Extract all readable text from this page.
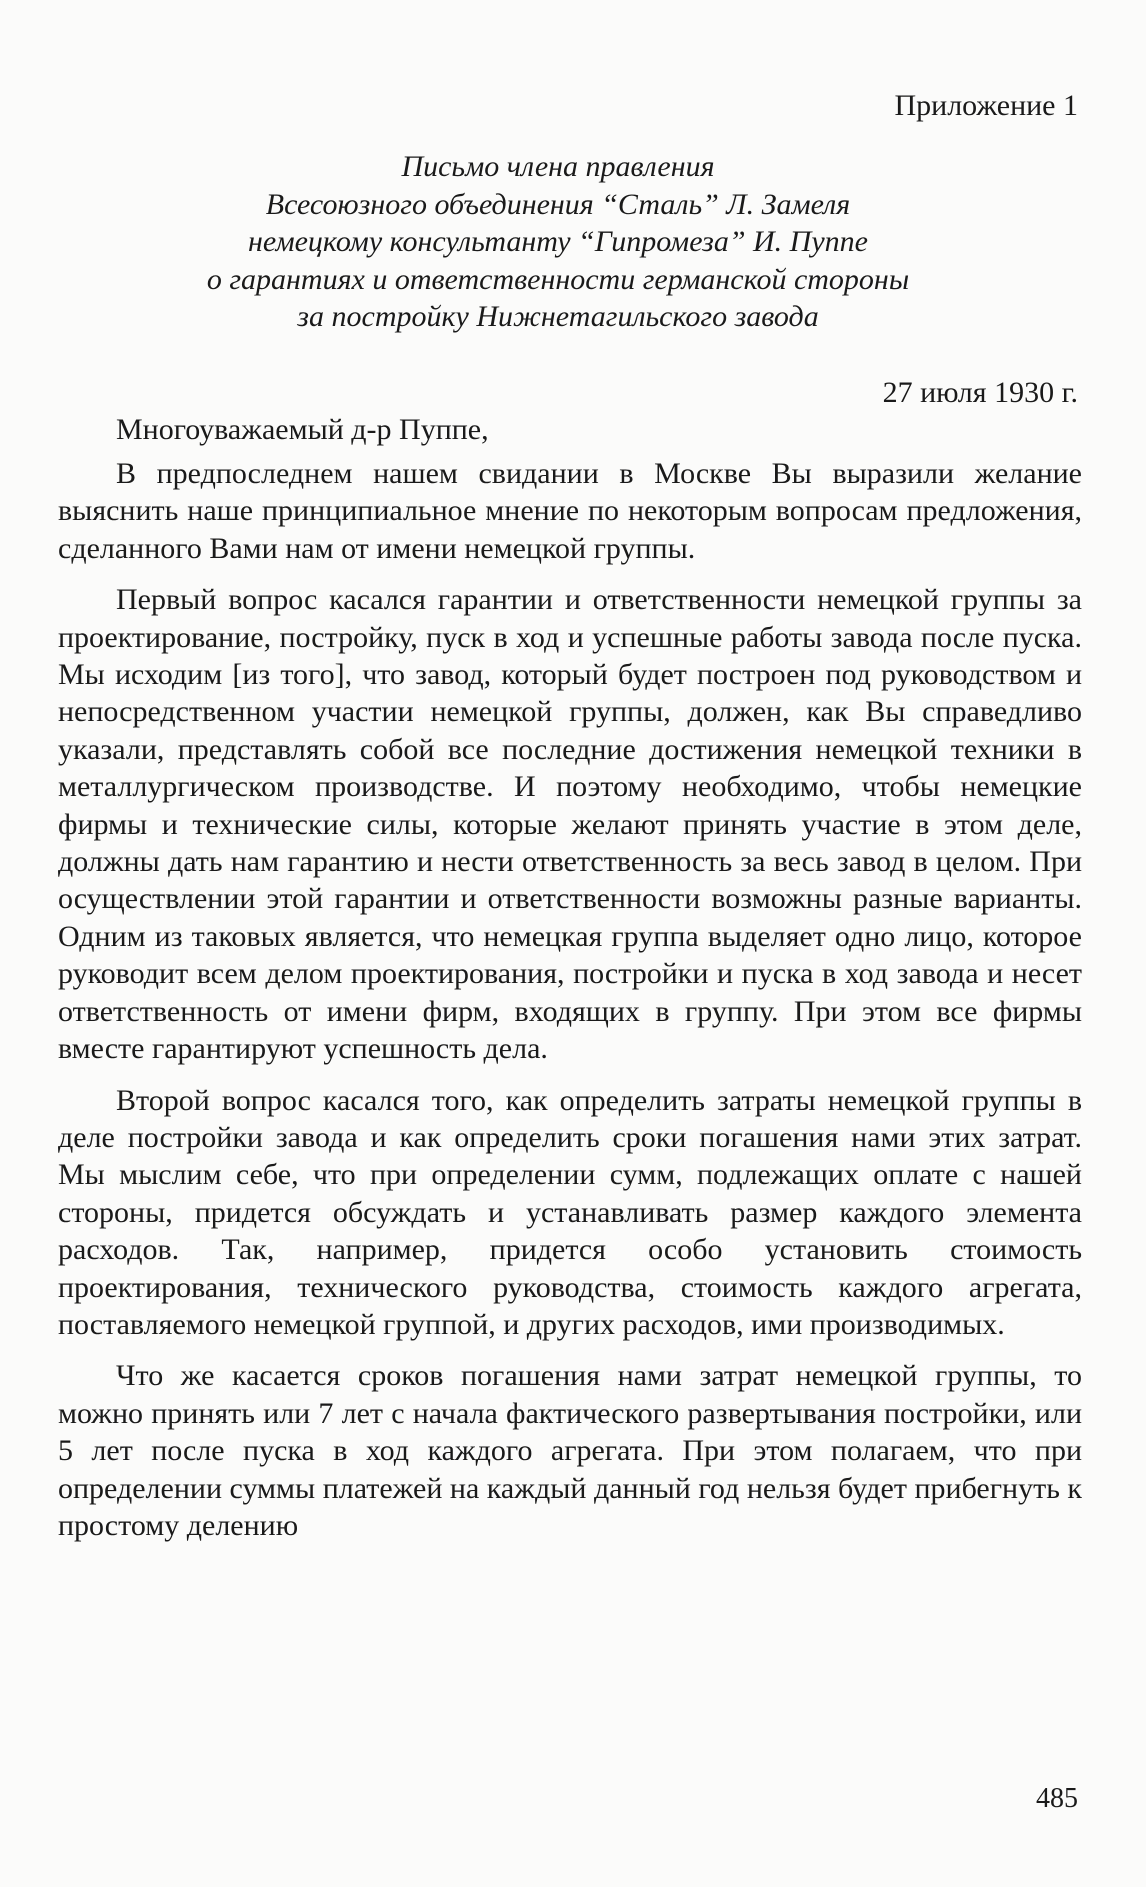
Приложение 1

Письмо члена правления
Всесоюзного объединения “Сталь” Л. Замеля
немецкому консультанту “Гипромеза” И. Пуппе
о гарантиях и ответственности германской стороны
за постройку Нижнетагильского завода

27 июля 1930 г.

Многоуважаемый д-р Пуппе,

В предпоследнем нашем свидании в Москве Вы выразили желание выяснить наше принципиальное мнение по некоторым вопросам предложения, сделанного Вами нам от имени немецкой группы.

Первый вопрос касался гарантии и ответственности немецкой группы за проектирование, постройку, пуск в ход и успешные работы завода после пуска. Мы исходим [из того], что завод, который будет построен под руководством и непосредственном участии немецкой группы, должен, как Вы справедливо указали, представлять собой все последние достижения немецкой техники в металлургическом производстве. И поэтому необходимо, чтобы немецкие фирмы и технические силы, которые желают принять участие в этом деле, должны дать нам гарантию и нести ответственность за весь завод в целом. При осуществлении этой гарантии и ответственности возможны разные варианты. Одним из таковых является, что немецкая группа выделяет одно лицо, которое руководит всем делом проектирования, постройки и пуска в ход завода и несет ответственность от имени фирм, входящих в группу. При этом все фирмы вместе гарантируют успешность дела.

Второй вопрос касался того, как определить затраты немецкой группы в деле постройки завода и как определить сроки погашения нами этих затрат. Мы мыслим себе, что при определении сумм, подлежащих оплате с нашей стороны, придется обсуждать и устанавливать размер каждого элемента расходов. Так, например, придется особо установить стоимость проектирования, технического руководства, стоимость каждого агрегата, поставляемого немецкой группой, и других расходов, ими производимых.

Что же касается сроков погашения нами затрат немецкой группы, то можно принять или 7 лет с начала фактического развертывания постройки, или 5 лет после пуска в ход каждого агрегата. При этом полагаем, что при определении суммы платежей на каждый данный год нельзя будет прибегнуть к простому делению

485
